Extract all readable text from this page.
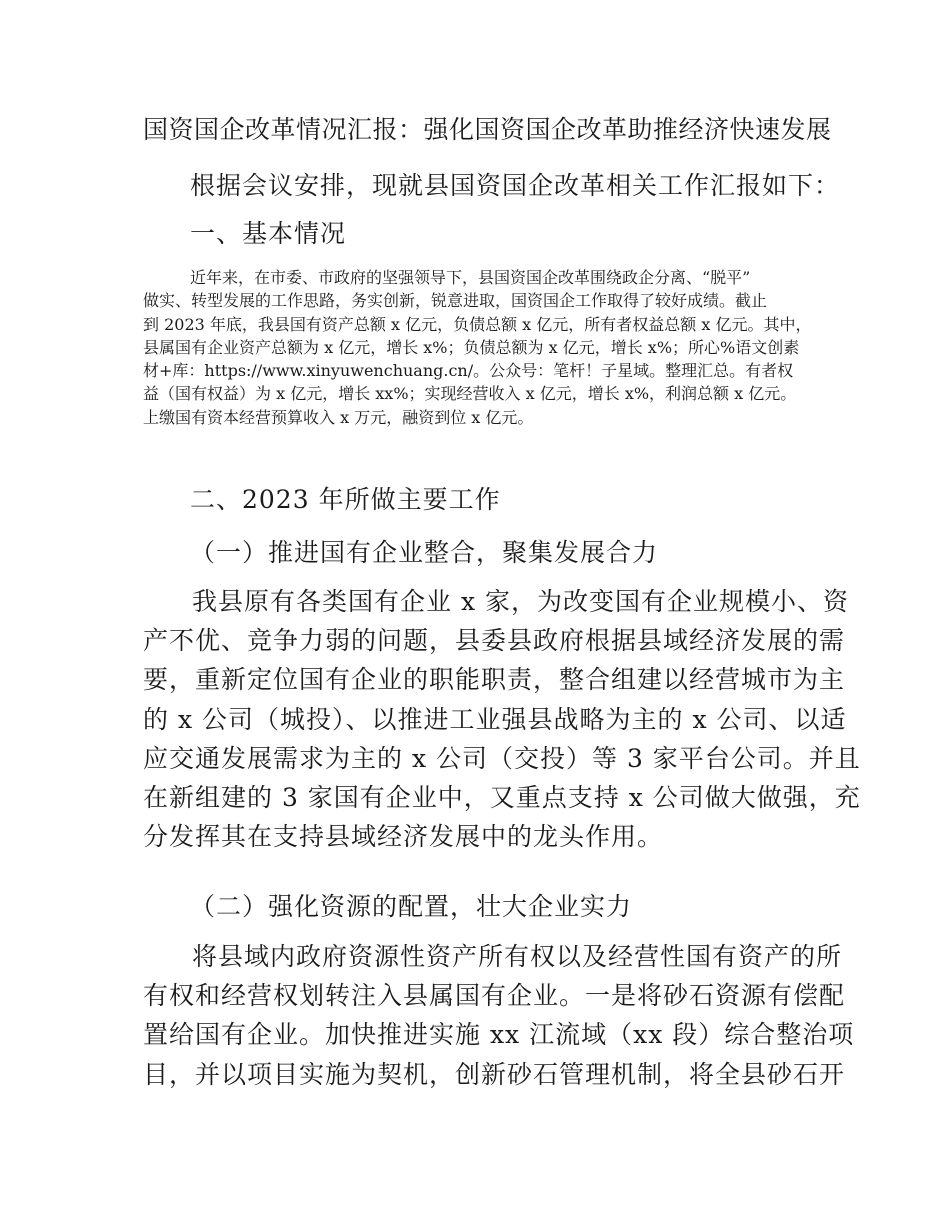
国资国企改革情况汇报：强化国资国企改革助推经济快速发展

根据会议安排，现就县国资国企改革相关工作汇报如下：

一、基本情况

近年来，在市委、市政府的坚强领导下，县国资国企改革围绕政企分离、“脱平”
做实、转型发展的工作思路，务实创新，锐意进取，国资国企工作取得了较好成绩。截止
到 2023 年底，我县国有资产总额 x 亿元，负债总额 x 亿元，所有者权益总额 x 亿元。其中，
县属国有企业资产总额为 x 亿元，增长 x%；负债总额为 x 亿元，增长 x%；所心%语文创素
材+库：https://www.xinyuwenchuang.cn/。公众号：笔杆！子星域。整理汇总。有者权
益（国有权益）为 x 亿元，增长 xx%；实现经营收入 x 亿元，增长 x%，利润总额 x 亿元。
上缴国有资本经营预算收入 x 万元，融资到位 x 亿元。

二、2023 年所做主要工作

（一）推进国有企业整合，聚集发展合力

我县原有各类国有企业 x 家，为改变国有企业规模小、资
产不优、竞争力弱的问题，县委县政府根据县域经济发展的需
要，重新定位国有企业的职能职责，整合组建以经营城市为主
的 x 公司（城投）、以推进工业强县战略为主的 x 公司、以适
应交通发展需求为主的 x 公司（交投）等 3 家平台公司。并且
在新组建的 3 家国有企业中，又重点支持 x 公司做大做强，充
分发挥其在支持县域经济发展中的龙头作用。

（二）强化资源的配置，壮大企业实力

将县域内政府资源性资产所有权以及经营性国有资产的所
有权和经营权划转注入县属国有企业。一是将砂石资源有偿配
置给国有企业。加快推进实施 xx 江流域（xx 段）综合整治项
目，并以项目实施为契机，创新砂石管理机制，将全县砂石开
